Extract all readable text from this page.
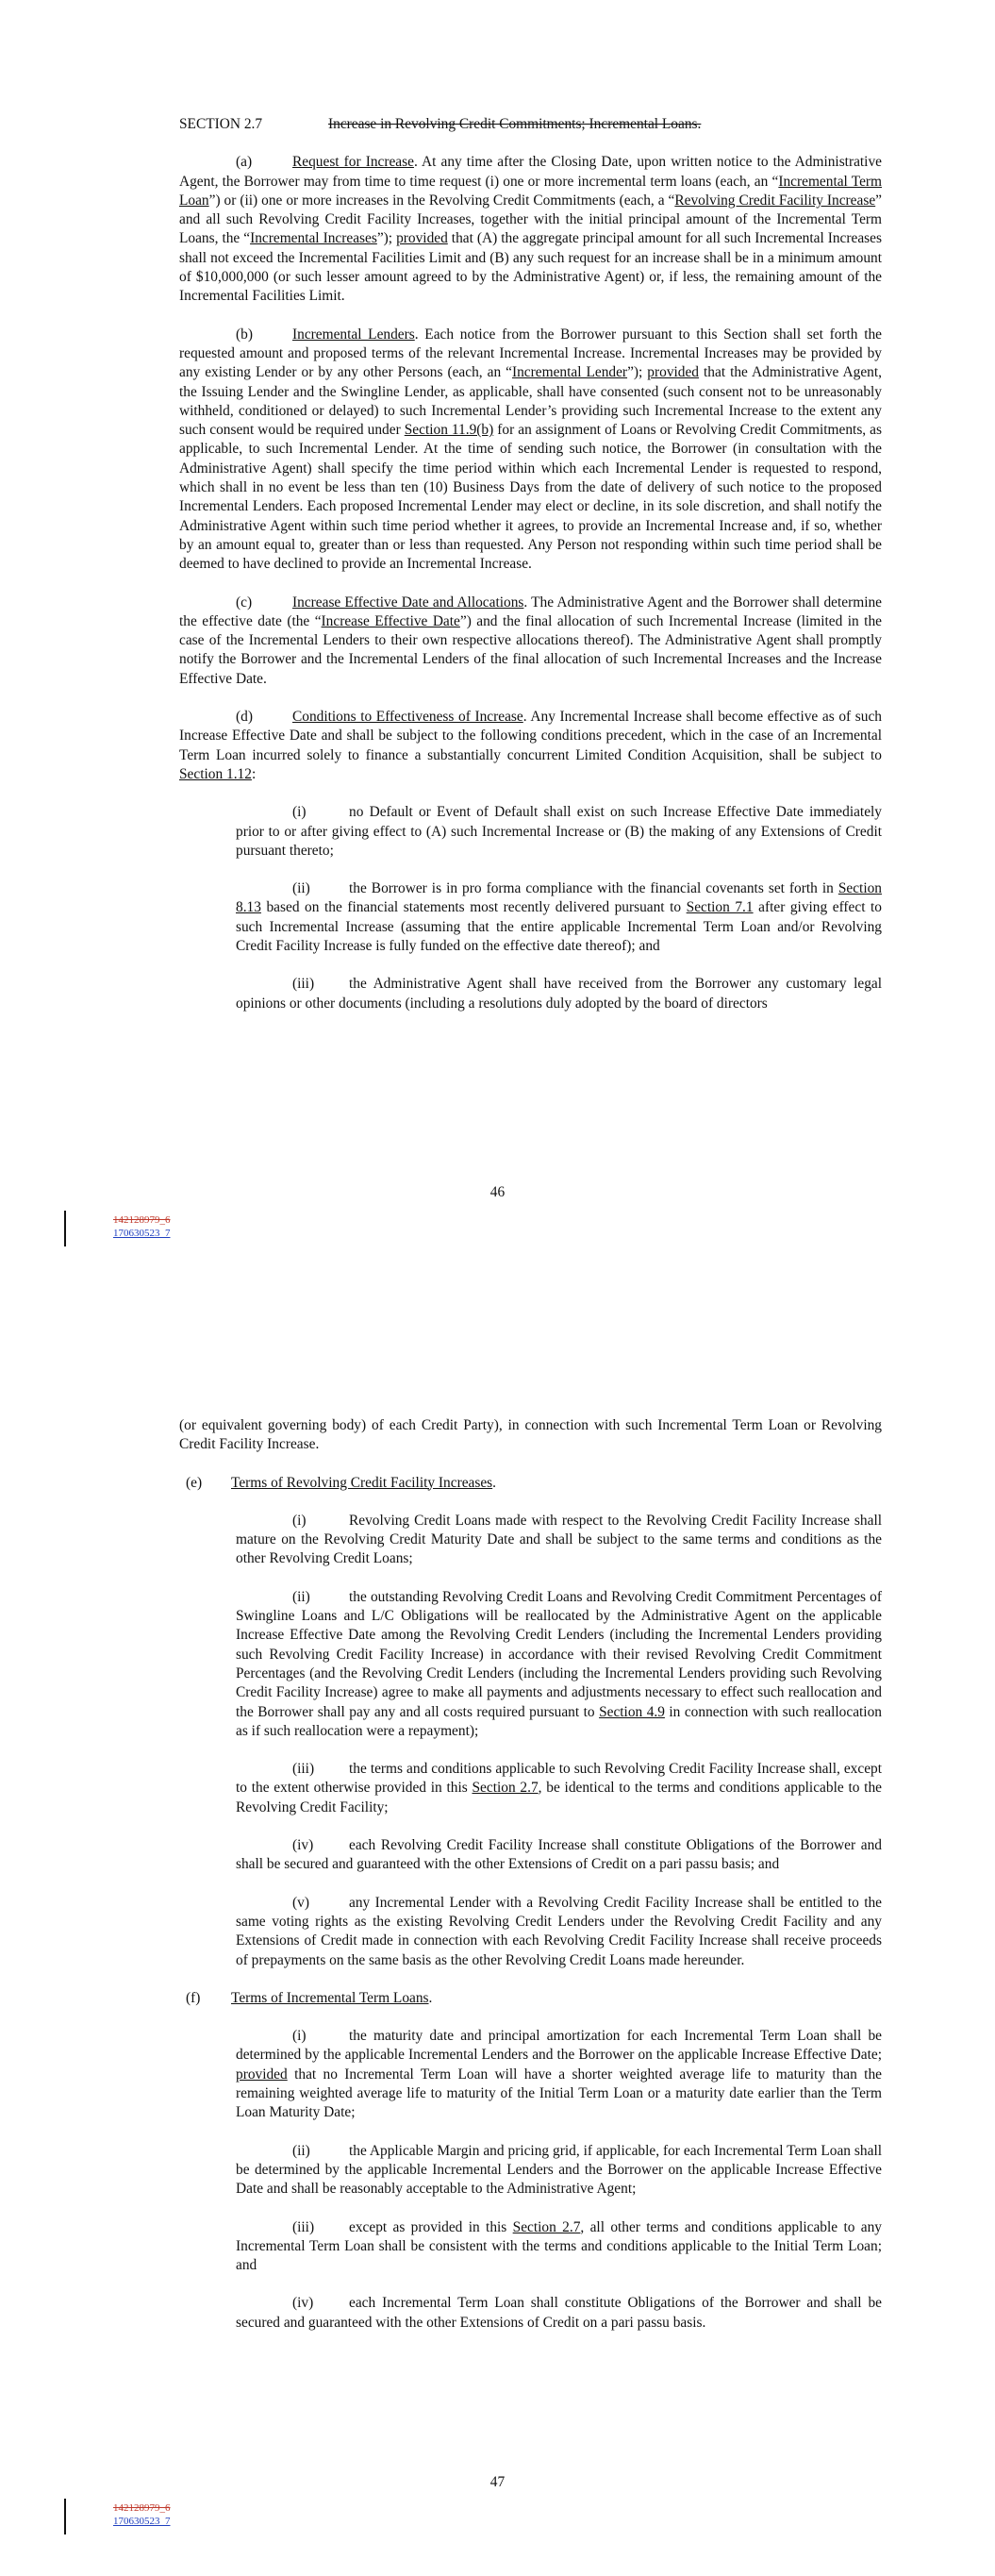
SECTION 2.7	Increase in Revolving Credit Commitments; Incremental Loans.

(a)	Request for Increase. At any time after the Closing Date, upon written notice to the Administrative Agent, the Borrower may from time to time request (i) one or more incremental term loans (each, an “Incremental Term Loan”) or (ii) one or more increases in the Revolving Credit Commitments (each, a “Revolving Credit Facility Increase” and all such Revolving Credit Facility Increases, together with the initial principal amount of the Incremental Term Loans, the “Incremental Increases”); provided that (A) the aggregate principal amount for all such Incremental Increases shall not exceed the Incremental Facilities Limit and (B) any such request for an increase shall be in a minimum amount of $10,000,000 (or such lesser amount agreed to by the Administrative Agent) or, if less, the remaining amount of the Incremental Facilities Limit.

(b)	Incremental Lenders. Each notice from the Borrower pursuant to this Section shall set forth the requested amount and proposed terms of the relevant Incremental Increase. Incremental Increases may be provided by any existing Lender or by any other Persons (each, an “Incremental Lender”); provided that the Administrative Agent, the Issuing Lender and the Swingline Lender, as applicable, shall have consented (such consent not to be unreasonably withheld, conditioned or delayed) to such Incremental Lender’s providing such Incremental Increase to the extent any such consent would be required under Section 11.9(b) for an assignment of Loans or Revolving Credit Commitments, as applicable, to such Incremental Lender. At the time of sending such notice, the Borrower (in consultation with the Administrative Agent) shall specify the time period within which each Incremental Lender is requested to respond, which shall in no event be less than ten (10) Business Days from the date of delivery of such notice to the proposed Incremental Lenders. Each proposed Incremental Lender may elect or decline, in its sole discretion, and shall notify the Administrative Agent within such time period whether it agrees, to provide an Incremental Increase and, if so, whether by an amount equal to, greater than or less than requested. Any Person not responding within such time period shall be deemed to have declined to provide an Incremental Increase.

(c)	Increase Effective Date and Allocations. The Administrative Agent and the Borrower shall determine the effective date (the “Increase Effective Date”) and the final allocation of such Incremental Increase (limited in the case of the Incremental Lenders to their own respective allocations thereof). The Administrative Agent shall promptly notify the Borrower and the Incremental Lenders of the final allocation of such Incremental Increases and the Increase Effective Date.

(d)	Conditions to Effectiveness of Increase. Any Incremental Increase shall become effective as of such Increase Effective Date and shall be subject to the following conditions precedent, which in the case of an Incremental Term Loan incurred solely to finance a substantially concurrent Limited Condition Acquisition, shall be subject to Section 1.12:

(i)	no Default or Event of Default shall exist on such Increase Effective Date immediately prior to or after giving effect to (A) such Incremental Increase or (B) the making of any Extensions of Credit pursuant thereto;

(ii)	the Borrower is in pro forma compliance with the financial covenants set forth in Section 8.13 based on the financial statements most recently delivered pursuant to Section 7.1 after giving effect to such Incremental Increase (assuming that the entire applicable Incremental Term Loan and/or Revolving Credit Facility Increase is fully funded on the effective date thereof); and

(iii) the Administrative Agent shall have received from the Borrower any customary legal opinions or other documents (including a resolutions duly adopted by the board of directors

46
142128979_6
170630523_7

(or equivalent governing body) of each Credit Party), in connection with such Incremental Term Loan or Revolving Credit Facility Increase.

(e) Terms of Revolving Credit Facility Increases.

(i)	Revolving Credit Loans made with respect to the Revolving Credit Facility Increase shall mature on the Revolving Credit Maturity Date and shall be subject to the same terms and conditions as the other Revolving Credit Loans;

(ii)	the outstanding Revolving Credit Loans and Revolving Credit Commitment Percentages of Swingline Loans and L/C Obligations will be reallocated by the Administrative Agent on the applicable Increase Effective Date among the Revolving Credit Lenders (including the Incremental Lenders providing such Revolving Credit Facility Increase) in accordance with their revised Revolving Credit Commitment Percentages (and the Revolving Credit Lenders (including the Incremental Lenders providing such Revolving Credit Facility Increase) agree to make all payments and adjustments necessary to effect such reallocation and the Borrower shall pay any and all costs required pursuant to Section 4.9 in connection with such reallocation as if such reallocation were a repayment);

(iii) the terms and conditions applicable to such Revolving Credit Facility Increase shall, except to the extent otherwise provided in this Section 2.7, be identical to the terms and conditions applicable to the Revolving Credit Facility;

(iv) each Revolving Credit Facility Increase shall constitute Obligations of the Borrower and shall be secured and guaranteed with the other Extensions of Credit on a pari passu basis; and

(v)	any Incremental Lender with a Revolving Credit Facility Increase shall be entitled to the same voting rights as the existing Revolving Credit Lenders under the Revolving Credit Facility and any Extensions of Credit made in connection with each Revolving Credit Facility Increase shall receive proceeds of prepayments on the same basis as the other Revolving Credit Loans made hereunder.

(f) Terms of Incremental Term Loans.

(i)	the maturity date and principal amortization for each Incremental Term Loan shall be determined by the applicable Incremental Lenders and the Borrower on the applicable Increase Effective Date; provided that no Incremental Term Loan will have a shorter weighted average life to maturity than the remaining weighted average life to maturity of the Initial Term Loan or a maturity date earlier than the Term Loan Maturity Date;

(ii)	the Applicable Margin and pricing grid, if applicable, for each Incremental Term Loan shall be determined by the applicable Incremental Lenders and the Borrower on the applicable Increase Effective Date and shall be reasonably acceptable to the Administrative Agent;

(iii) except as provided in this Section 2.7, all other terms and conditions applicable to any Incremental Term Loan shall be consistent with the terms and conditions applicable to the Initial Term Loan; and

(iv) each Incremental Term Loan shall constitute Obligations of the Borrower and shall be secured and guaranteed with the other Extensions of Credit on a pari passu basis.

47
142128979_6
170630523_7
